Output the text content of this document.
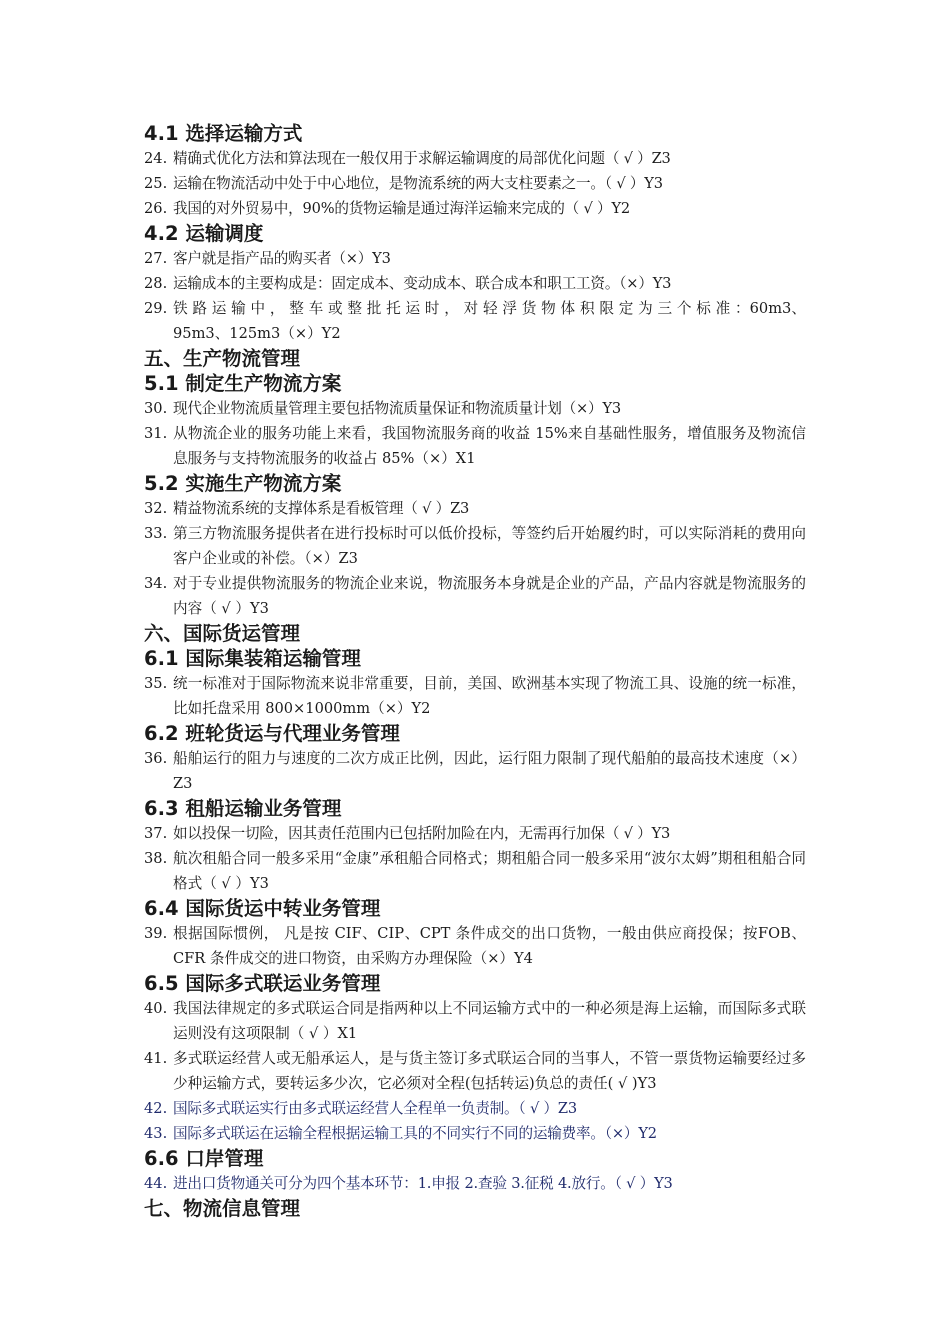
4.1 选择运输方式
24. 精确式优化方法和算法现在一般仅用于求解运输调度的局部优化问题（ √ ）Z3
25. 运输在物流活动中处于中心地位，是物流系统的两大支柱要素之一。（ √ ）Y3
26. 我国的对外贸易中，90%的货物运输是通过海洋运输来完成的（ √ ）Y2
4.2 运输调度
27. 客户就是指产品的购买者（×）Y3
28. 运输成本的主要构成是：固定成本、变动成本、联合成本和职工工资。（×）Y3
29. 铁 路 运 输 中 ， 整 车 或 整 批 托 运 时 ， 对 轻 浮 货 物 体 积 限 定 为 三 个 标 准 ：60m3、95m3、125m3（×）Y2
五、生产物流管理
5.1 制定生产物流方案
30. 现代企业物流质量管理主要包括物流质量保证和物流质量计划（×）Y3
31. 从物流企业的服务功能上来看，我国物流服务商的收益 15%来自基础性服务，增值服务及物流信息服务与支持物流服务的收益占 85%（×）X1
5.2 实施生产物流方案
32. 精益物流系统的支撑体系是看板管理（ √ ）Z3
33. 第三方物流服务提供者在进行投标时可以低价投标，等签约后开始履约时，可以实际消耗的费用向客户企业或的补偿。（×）Z3
34. 对于专业提供物流服务的物流企业来说，物流服务本身就是企业的产品，产品内容就是物流服务的内容（ √ ）Y3
六、国际货运管理
6.1 国际集装箱运输管理
35. 统一标准对于国际物流来说非常重要，目前，美国、欧洲基本实现了物流工具、设施的统一标准，比如托盘采用 800×1000mm（×）Y2
6.2 班轮货运与代理业务管理
36. 船舶运行的阻力与速度的二次方成正比例，因此，运行阻力限制了现代船舶的最高技术速度（×）Z3
6.3 租船运输业务管理
37. 如以投保一切险，因其责任范围内已包括附加险在内，无需再行加保（ √ ）Y3
38. 航次租船合同一般多采用“金康”承租船合同格式；期租船合同一般多采用“波尔太姆”期租租船合同格式（ √ ）Y3
6.4 国际货运中转业务管理
39. 根据国际惯例， 凡是按 CIF、CIP、CPT 条件成交的出口货物，一般由供应商投保；按FOB、CFR 条件成交的进口物资，由采购方办理保险（×）Y4
6.5 国际多式联运业务管理
40. 我国法律规定的多式联运合同是指两种以上不同运输方式中的一种必须是海上运输，而国际多式联运则没有这项限制（ √ ）X1
41. 多式联运经营人或无船承运人，是与货主签订多式联运合同的当事人，不管一票货物运输要经过多少种运输方式，要转运多少次，它必须对全程(包括转运)负总的责任( √ )Y3
42. 国际多式联运实行由多式联运经营人全程单一负责制。（ √ ）Z3
43. 国际多式联运在运输全程根据运输工具的不同实行不同的运输费率。（×）Y2
6.6 口岸管理
44. 进出口货物通关可分为四个基本环节：1.申报 2.查验 3.征税 4.放行。（ √ ）Y3
七、物流信息管理
